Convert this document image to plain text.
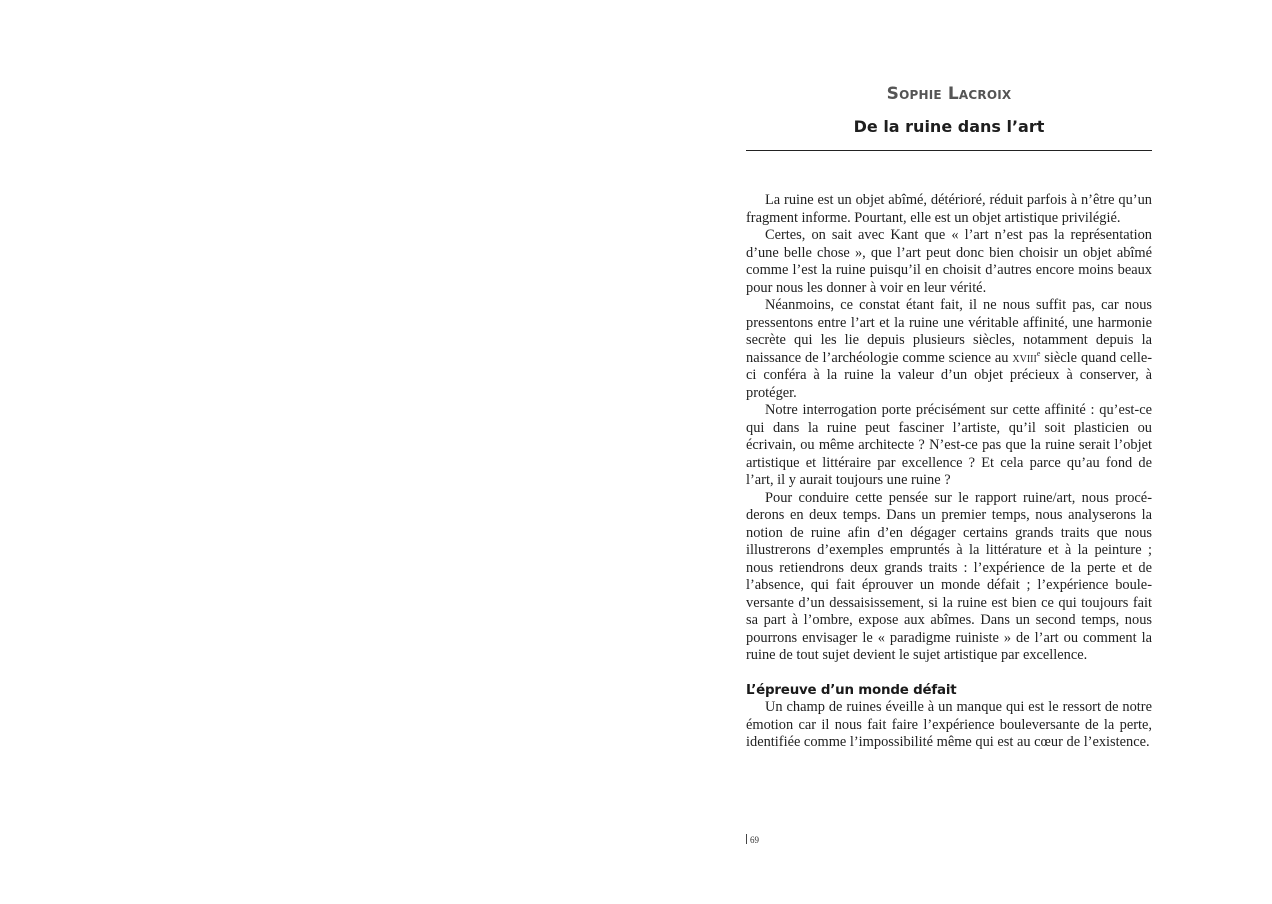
Sophie Lacroix
De la ruine dans l’art

La ruine est un objet abîmé, détérioré, réduit parfois à n’être qu’un fragment informe. Pourtant, elle est un objet artistique privilégié.

Certes, on sait avec Kant que « l’art n’est pas la représentation d’une belle chose », que l’art peut donc bien choisir un objet abîmé comme l’est la ruine puisqu’il en choisit d’autres encore moins beaux pour nous les donner à voir en leur vérité.

Néanmoins, ce constat étant fait, il ne nous suffit pas, car nous pressentons entre l’art et la ruine une véritable affinité, une harmonie secrète qui les lie depuis plusieurs siècles, notamment depuis la naissance de l’archéologie comme science au xviii$^e$ siècle quand celle-ci conféra à la ruine la valeur d’un objet précieux à conserver, à protéger.

Notre interrogation porte précisément sur cette affinité : qu’est-ce qui dans la ruine peut fasciner l’artiste, qu’il soit plasticien ou écrivain, ou même architecte ? N’est-ce pas que la ruine serait l’objet artistique et littéraire par excellence ? Et cela parce qu’au fond de l’art, il y aurait toujours une ruine ?

Pour conduire cette pensée sur le rapport ruine/art, nous procéderons en deux temps. Dans un premier temps, nous analyserons la notion de ruine afin d’en dégager certains grands traits que nous illustrerons d’exemples empruntés à la littérature et à la peinture ; nous retiendrons deux grands traits : l’expérience de la perte et de l’absence, qui fait éprouver un monde défait ; l’expérience bouleversante d’un dessaisissement, si la ruine est bien ce qui toujours fait sa part à l’ombre, expose aux abîmes. Dans un second temps, nous pourrons envisager le « paradigme ruiniste » de l’art ou comment la ruine de tout sujet devient le sujet artistique par excellence.

L’épreuve d’un monde défait

Un champ de ruines éveille à un manque qui est le ressort de notre émotion car il nous fait faire l’expérience bouleversante de la perte, identifiée comme l’impossibilité même qui est au cœur de l’existence.

69
